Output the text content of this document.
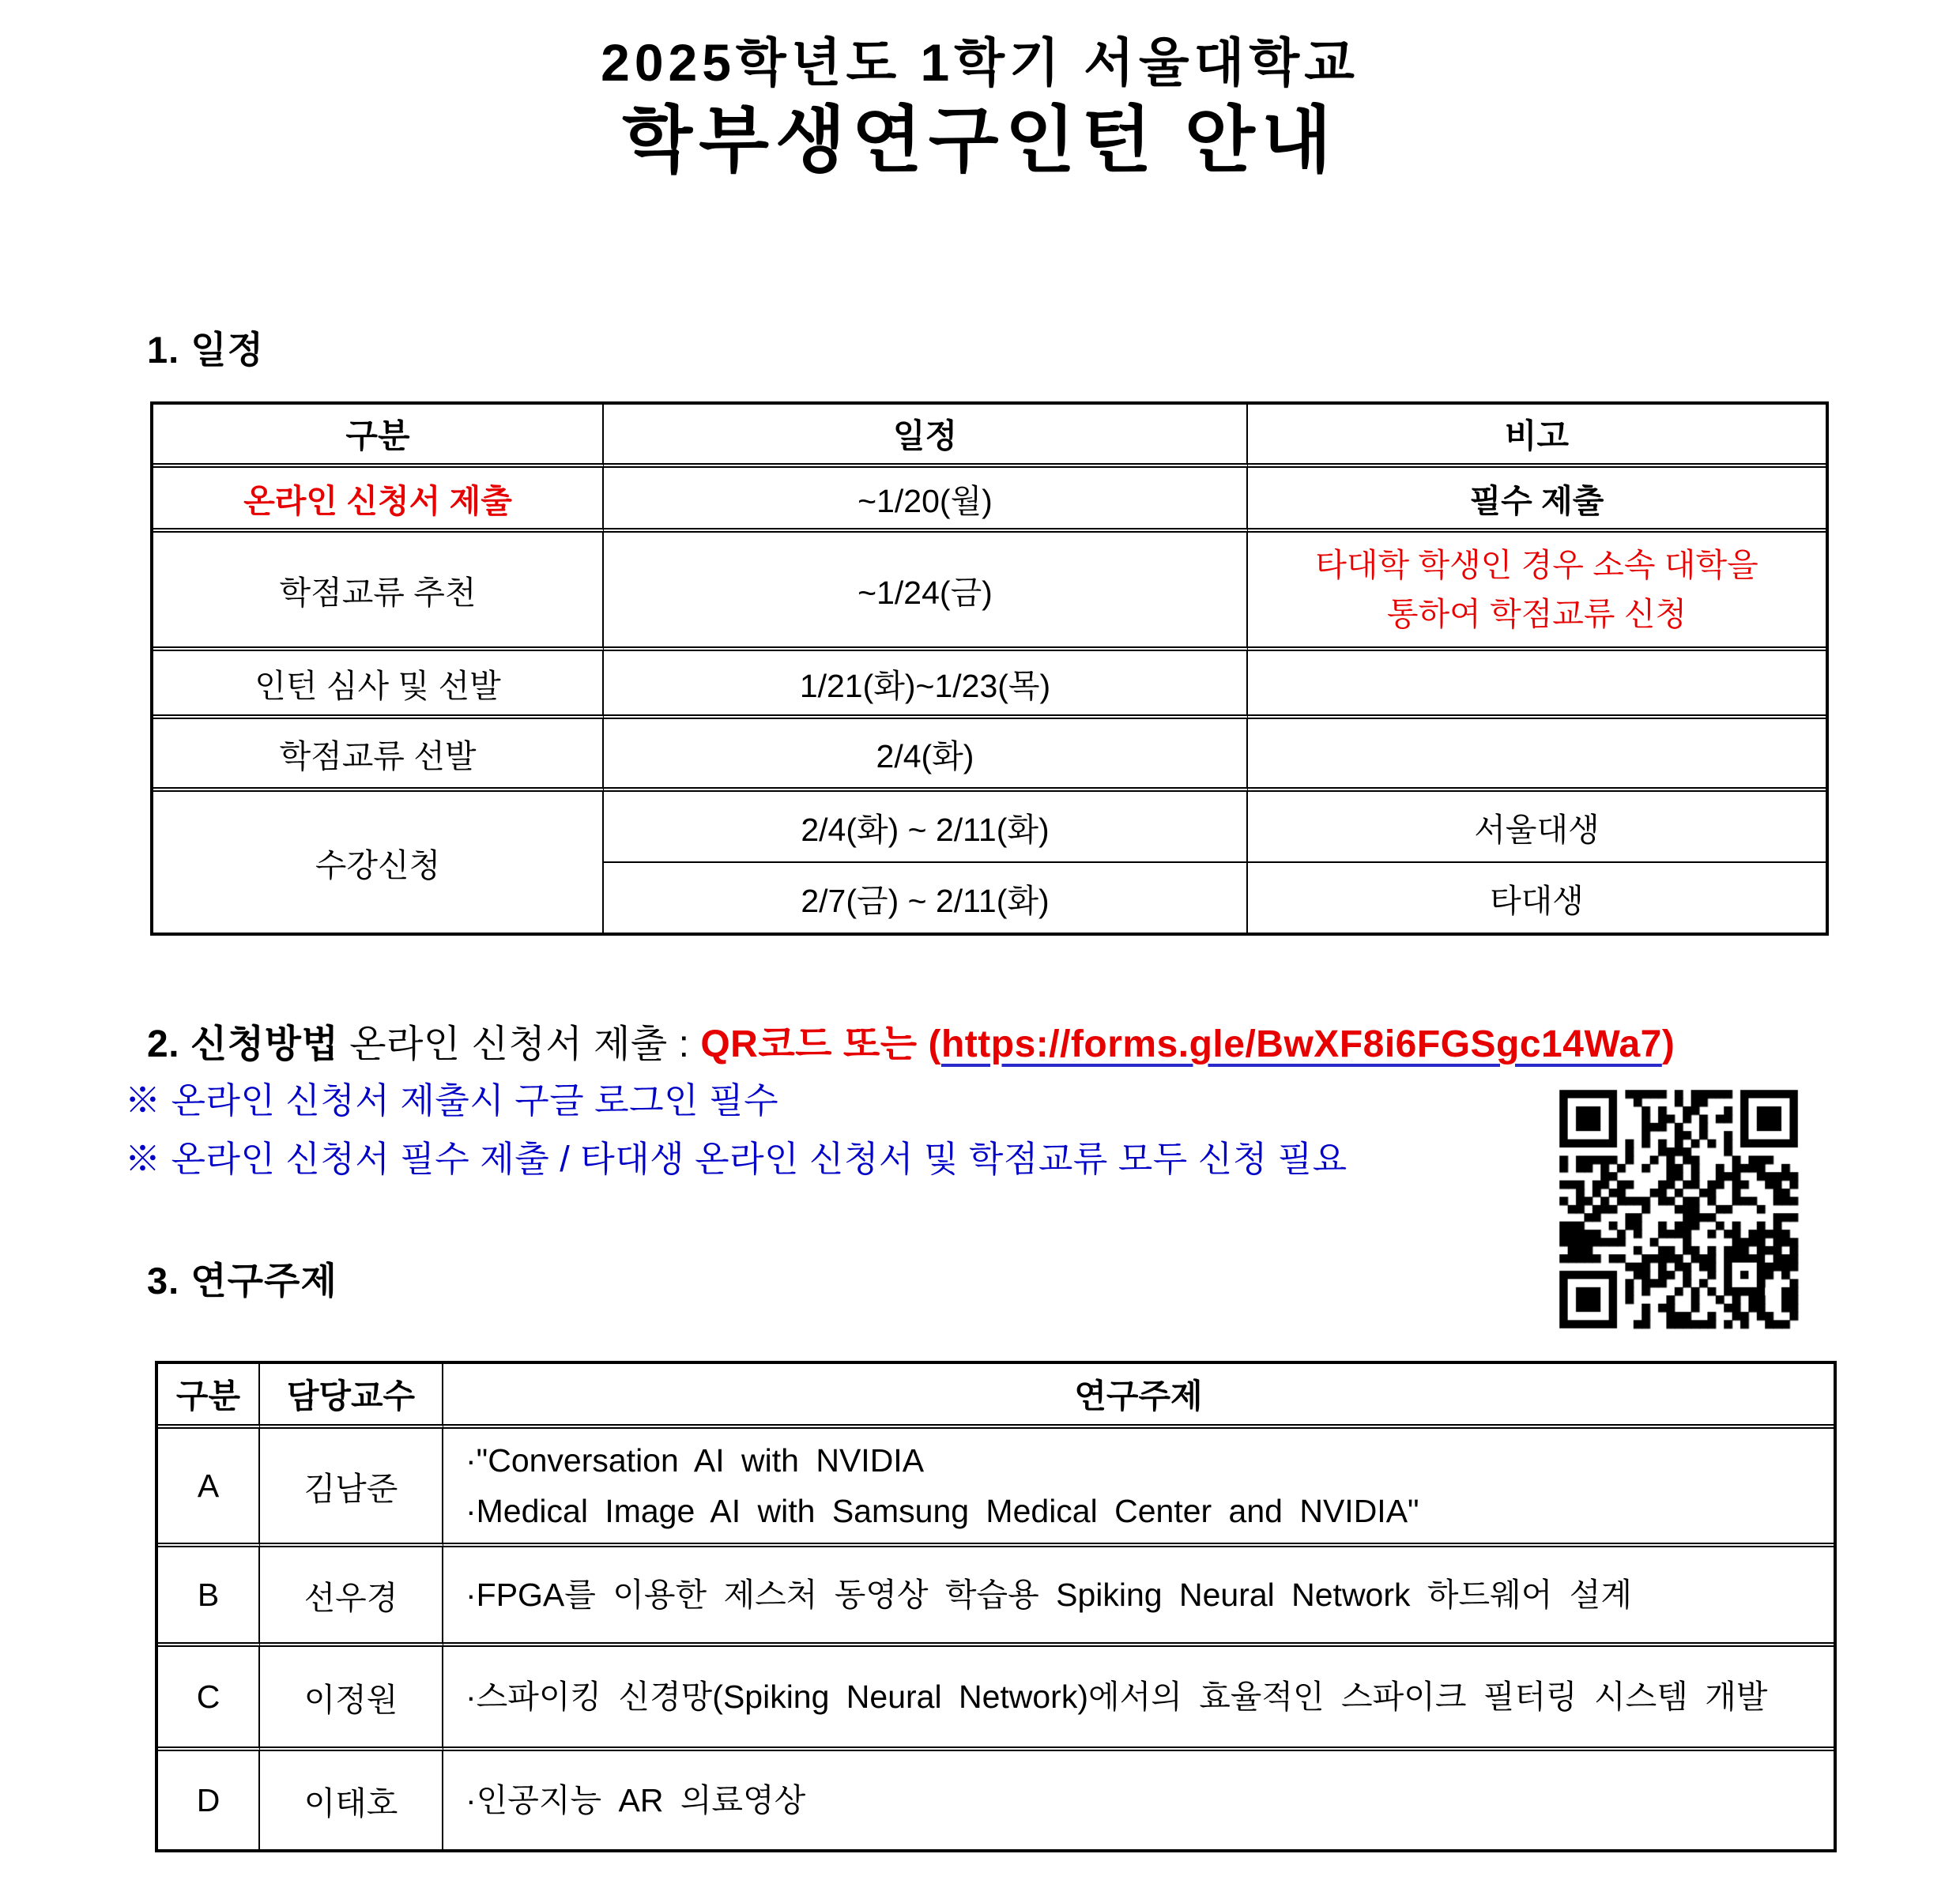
2025학년도 1학기 서울대학교
학부생연구인턴 안내
1. 일정
구분	일정	비고
온라인 신청서 제출	~1/20(월)	필수 제출
학점교류 추천	~1/24(금)	타대학 학생인 경우 소속 대학을
통하여 학점교류 신청

인턴 심사 및 선발	1/21(화)~1/23(목)	
학점교류 선발	2/4(화)	
수강신청	2/4(화) ~ 2/11(화)	서울대생
	2/7(금) ~ 2/11(화)	타대생
2. 신청방법 온라인 신청서 제출 : QR코드 또는 (https://forms.gle/BwXF8i6FGSgc14Wa7)
※ 온라인 신청서 제출시 구글 로그인 필수
※ 온라인 신청서 필수 제출 / 타대생 온라인 신청서 및 학점교류 모두 신청 필요
3. 연구주제
구분	담당교수	연구주제
A	김남준	·"Conversation AI with NVIDIA
·Medical Image AI with Samsung Medical Center and NVIDIA"

B	선우경	·FPGA를 이용한 제스처 동영상 학습용 Spiking Neural Network 하드웨어 설계

C	이정원	·스파이킹 신경망(Spiking Neural Network)에서의 효율적인 스파이크 필터링 시스템 개발

D	이태호	·인공지능 AR 의료영상
